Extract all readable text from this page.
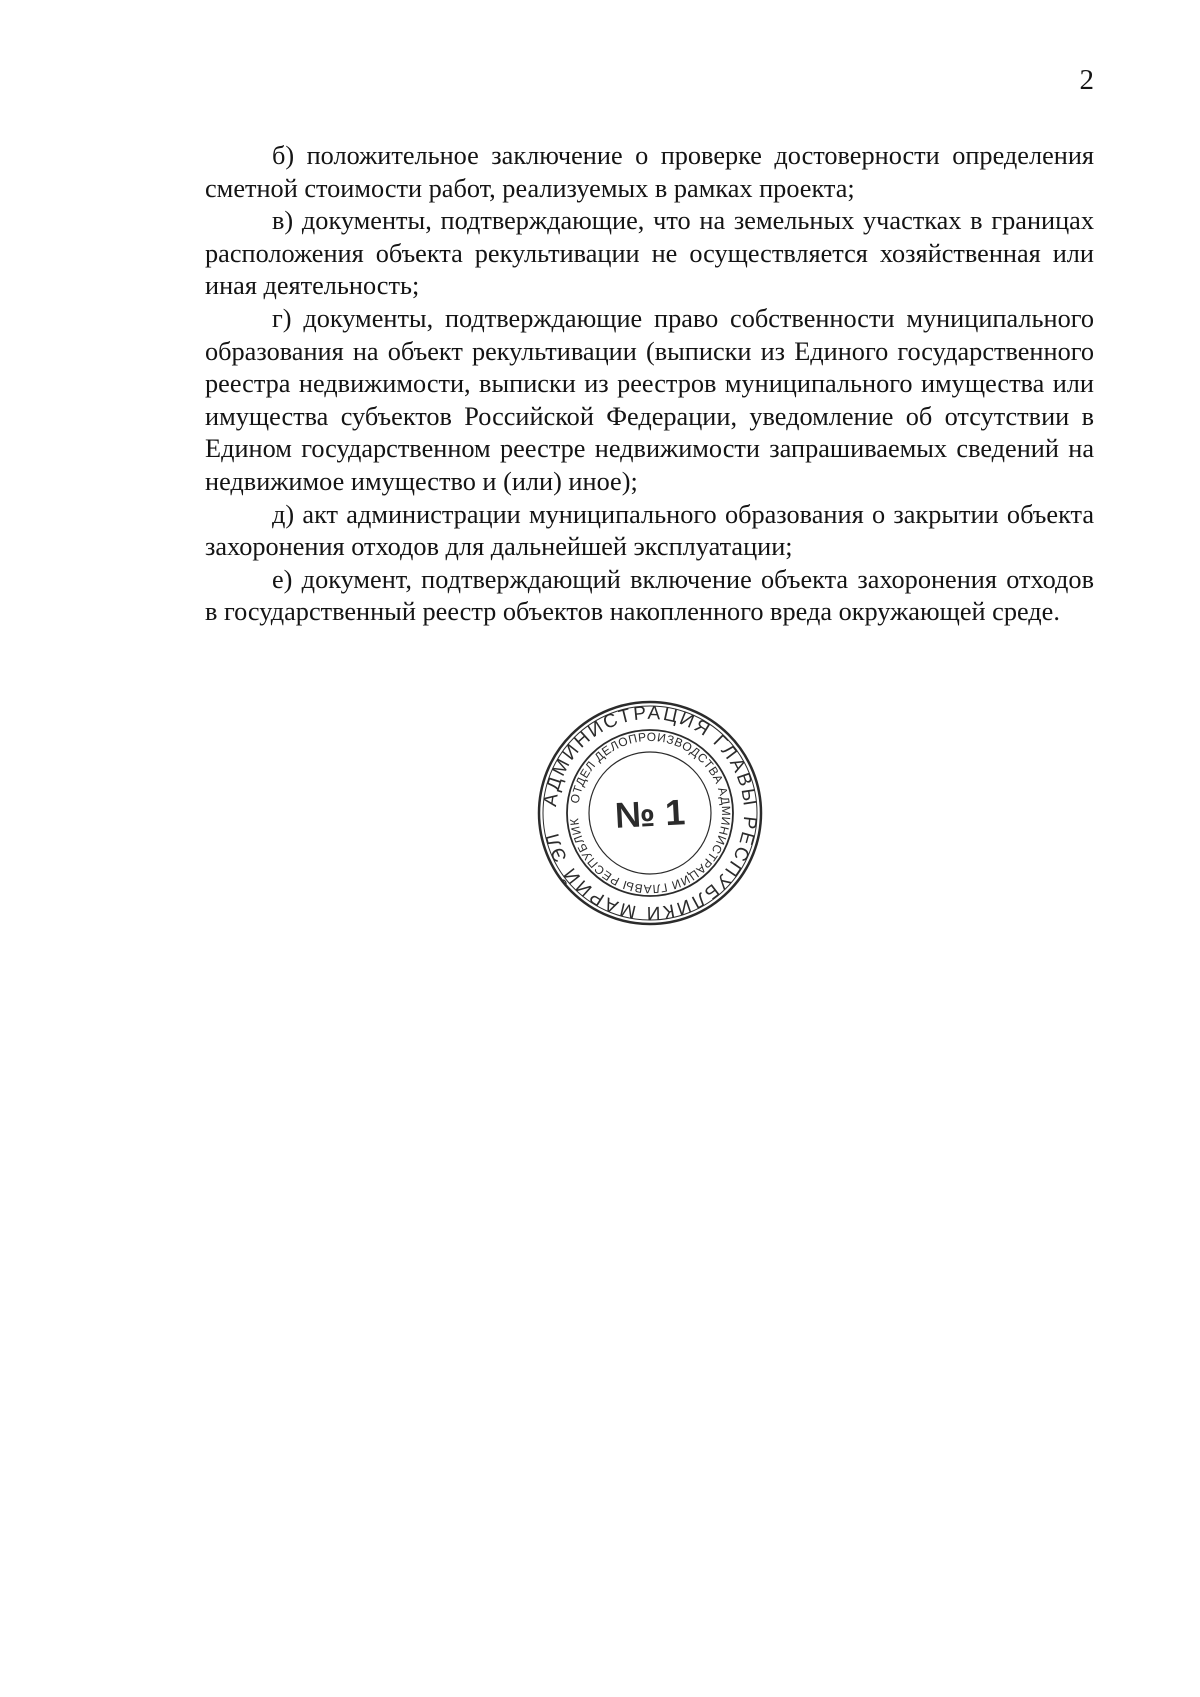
2

б) положительное заключение о проверке достоверности определения сметной стоимости работ, реализуемых в рамках проекта;

в) документы, подтверждающие, что на земельных участках в границах расположения объекта рекультивации не осуществляется хозяйственная или иная деятельность;

г) документы, подтверждающие право собственности муниципального образования на объект рекультивации (выписки из Единого государственного реестра недвижимости, выписки из реестров муниципального имущества или имущества субъектов Российской Федерации, уведомление об отсутствии в Едином государственном реестре недвижимости запрашиваемых сведений на недвижимое имущество и (или) иное);

д) акт администрации муниципального образования о закрытии объекта захоронения отходов для дальнейшей эксплуатации;

е) документ, подтверждающий включение объекта захоронения отходов в государственный реестр объектов накопленного вреда окружающей среде.

АДМИНИСТРАЦИЯ ГЛАВЫ РЕСПУБЛИКИ МАРИЙ ЭЛ
ОТДЕЛ ДЕЛОПРОИЗВОДСТВА АДМИНИСТРАЦИИ ГЛАВЫ РЕСПУБЛИКИ МАРИЙ ЭЛ
№ 1
